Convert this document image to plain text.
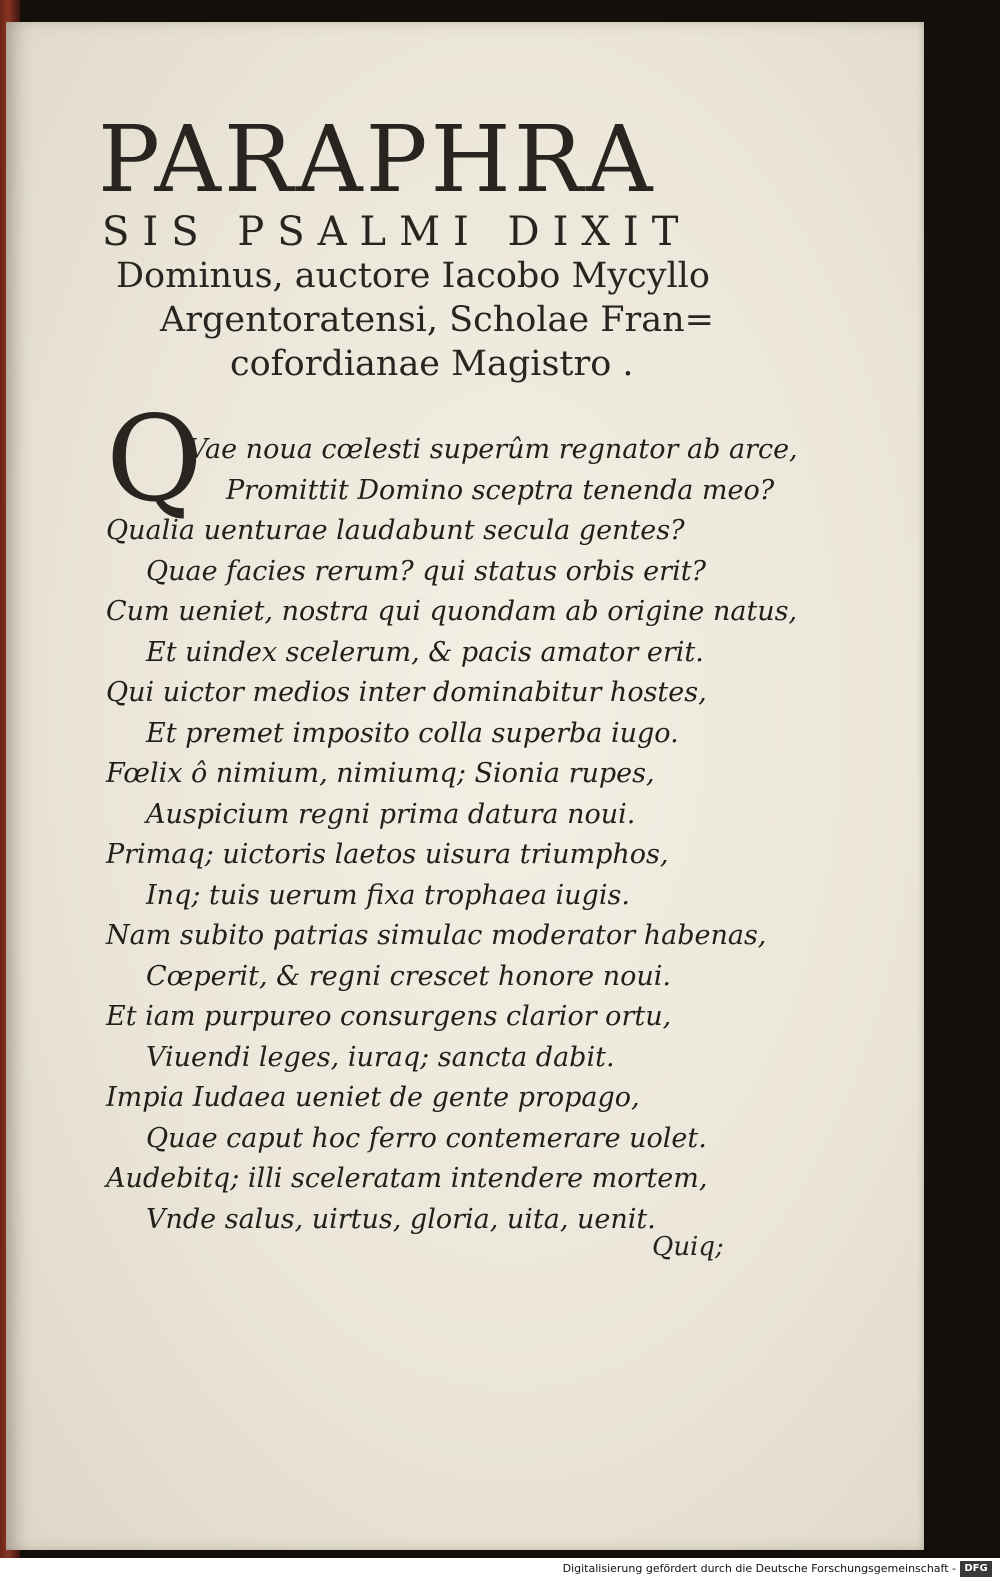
PARAPHRA

SIS PSALMI DIXIT

Dominus, auctore Iacobo Mycyllo

Argentoratensi, Scholae Fran=

cofordianae Magistro .

Q

Vae noua cœlesti superûm regnator ab arce,

Promittit Domino sceptra tenenda meo?

Qualia uenturae laudabunt secula gentes?

Quae facies rerum? qui status orbis erit?

Cum ueniet, nostra qui quondam ab origine natus,

Et uindex scelerum, & pacis amator erit.

Qui uictor medios inter dominabitur hostes,

Et premet imposito colla superba iugo.

Fœlix ô nimium, nimiumq; Sionia rupes,

Auspicium regni prima datura noui.

Primaq; uictoris laetos uisura triumphos,

Inq; tuis uerum fixa trophaea iugis.

Nam subito patrias simulac moderator habenas,

Cœperit, & regni crescet honore noui.

Et iam purpureo consurgens clarior ortu,

Viuendi leges, iuraq; sancta dabit.

Impia Iudaea ueniet de gente propago,

Quae caput hoc ferro contemerare uolet.

Audebitq; illi sceleratam intendere mortem,

Vnde salus, uirtus, gloria, uita, uenit.

Quiq;
Digitalisierung gefördert durch die Deutsche Forschungsgemeinschaft - DFG
